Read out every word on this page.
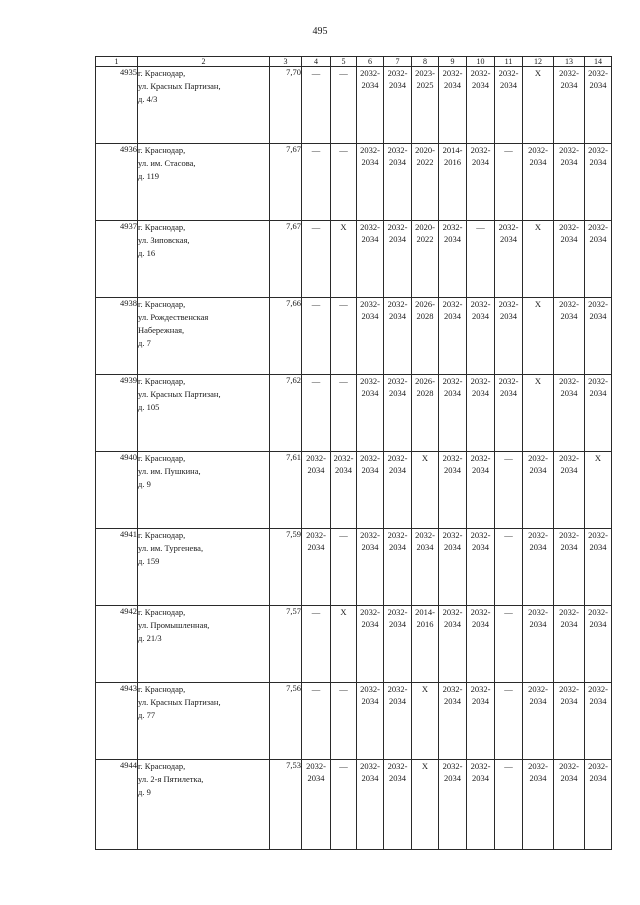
495
1	2	3	4	5	6	7	8	9	10	11	12	13	14
4935	г. Краснодар,
ул. Красных Партизан,
д. 4/3	7,70	—	—	2032-
2034	2032-
2034	2023-
2025	2032-
2034	2032-
2034	2032-
2034	Х	2032-
2034	2032-
2034

4936	г. Краснодар,
ул. им. Стасова,
д. 119	7,67	—	—	2032-
2034	2032-
2034	2020-
2022	2014-
2016	2032-
2034	—	2032-
2034	2032-
2034	2032-
2034

4937	г. Краснодар,
ул. Зиповская,
д. 16	7,67	—	Х	2032-
2034	2032-
2034	2020-
2022	2032-
2034	—	2032-
2034	Х	2032-
2034	2032-
2034

4938	г. Краснодар,
ул. Рождественская
Набережная,
д. 7	7,66	—	—	2032-
2034	2032-
2034	2026-
2028	2032-
2034	2032-
2034	2032-
2034	Х	2032-
2034	2032-
2034

4939	г. Краснодар,
ул. Красных Партизан,
д. 105	7,62	—	—	2032-
2034	2032-
2034	2026-
2028	2032-
2034	2032-
2034	2032-
2034	Х	2032-
2034	2032-
2034

4940	г. Краснодар,
ул. им. Пушкина,
д. 9	7,61	2032-
2034	2032-
2034	2032-
2034	2032-
2034	Х	2032-
2034	2032-
2034	—	2032-
2034	2032-
2034	Х

4941	г. Краснодар,
ул. им. Тургенева,
д. 159	7,59	2032-
2034	—	2032-
2034	2032-
2034	2032-
2034	2032-
2034	2032-
2034	—	2032-
2034	2032-
2034	2032-
2034

4942	г. Краснодар,
ул. Промышленная,
д. 21/3	7,57	—	Х	2032-
2034	2032-
2034	2014-
2016	2032-
2034	2032-
2034	—	2032-
2034	2032-
2034	2032-
2034

4943	г. Краснодар,
ул. Красных Партизан,
д. 77	7,56	—	—	2032-
2034	2032-
2034	Х	2032-
2034	2032-
2034	—	2032-
2034	2032-
2034	2032-
2034

4944	г. Краснодар,
ул. 2-я Пятилетка,
д. 9	7,53	2032-
2034	—	2032-
2034	2032-
2034	Х	2032-
2034	2032-
2034	—	2032-
2034	2032-
2034	2032-
2034
